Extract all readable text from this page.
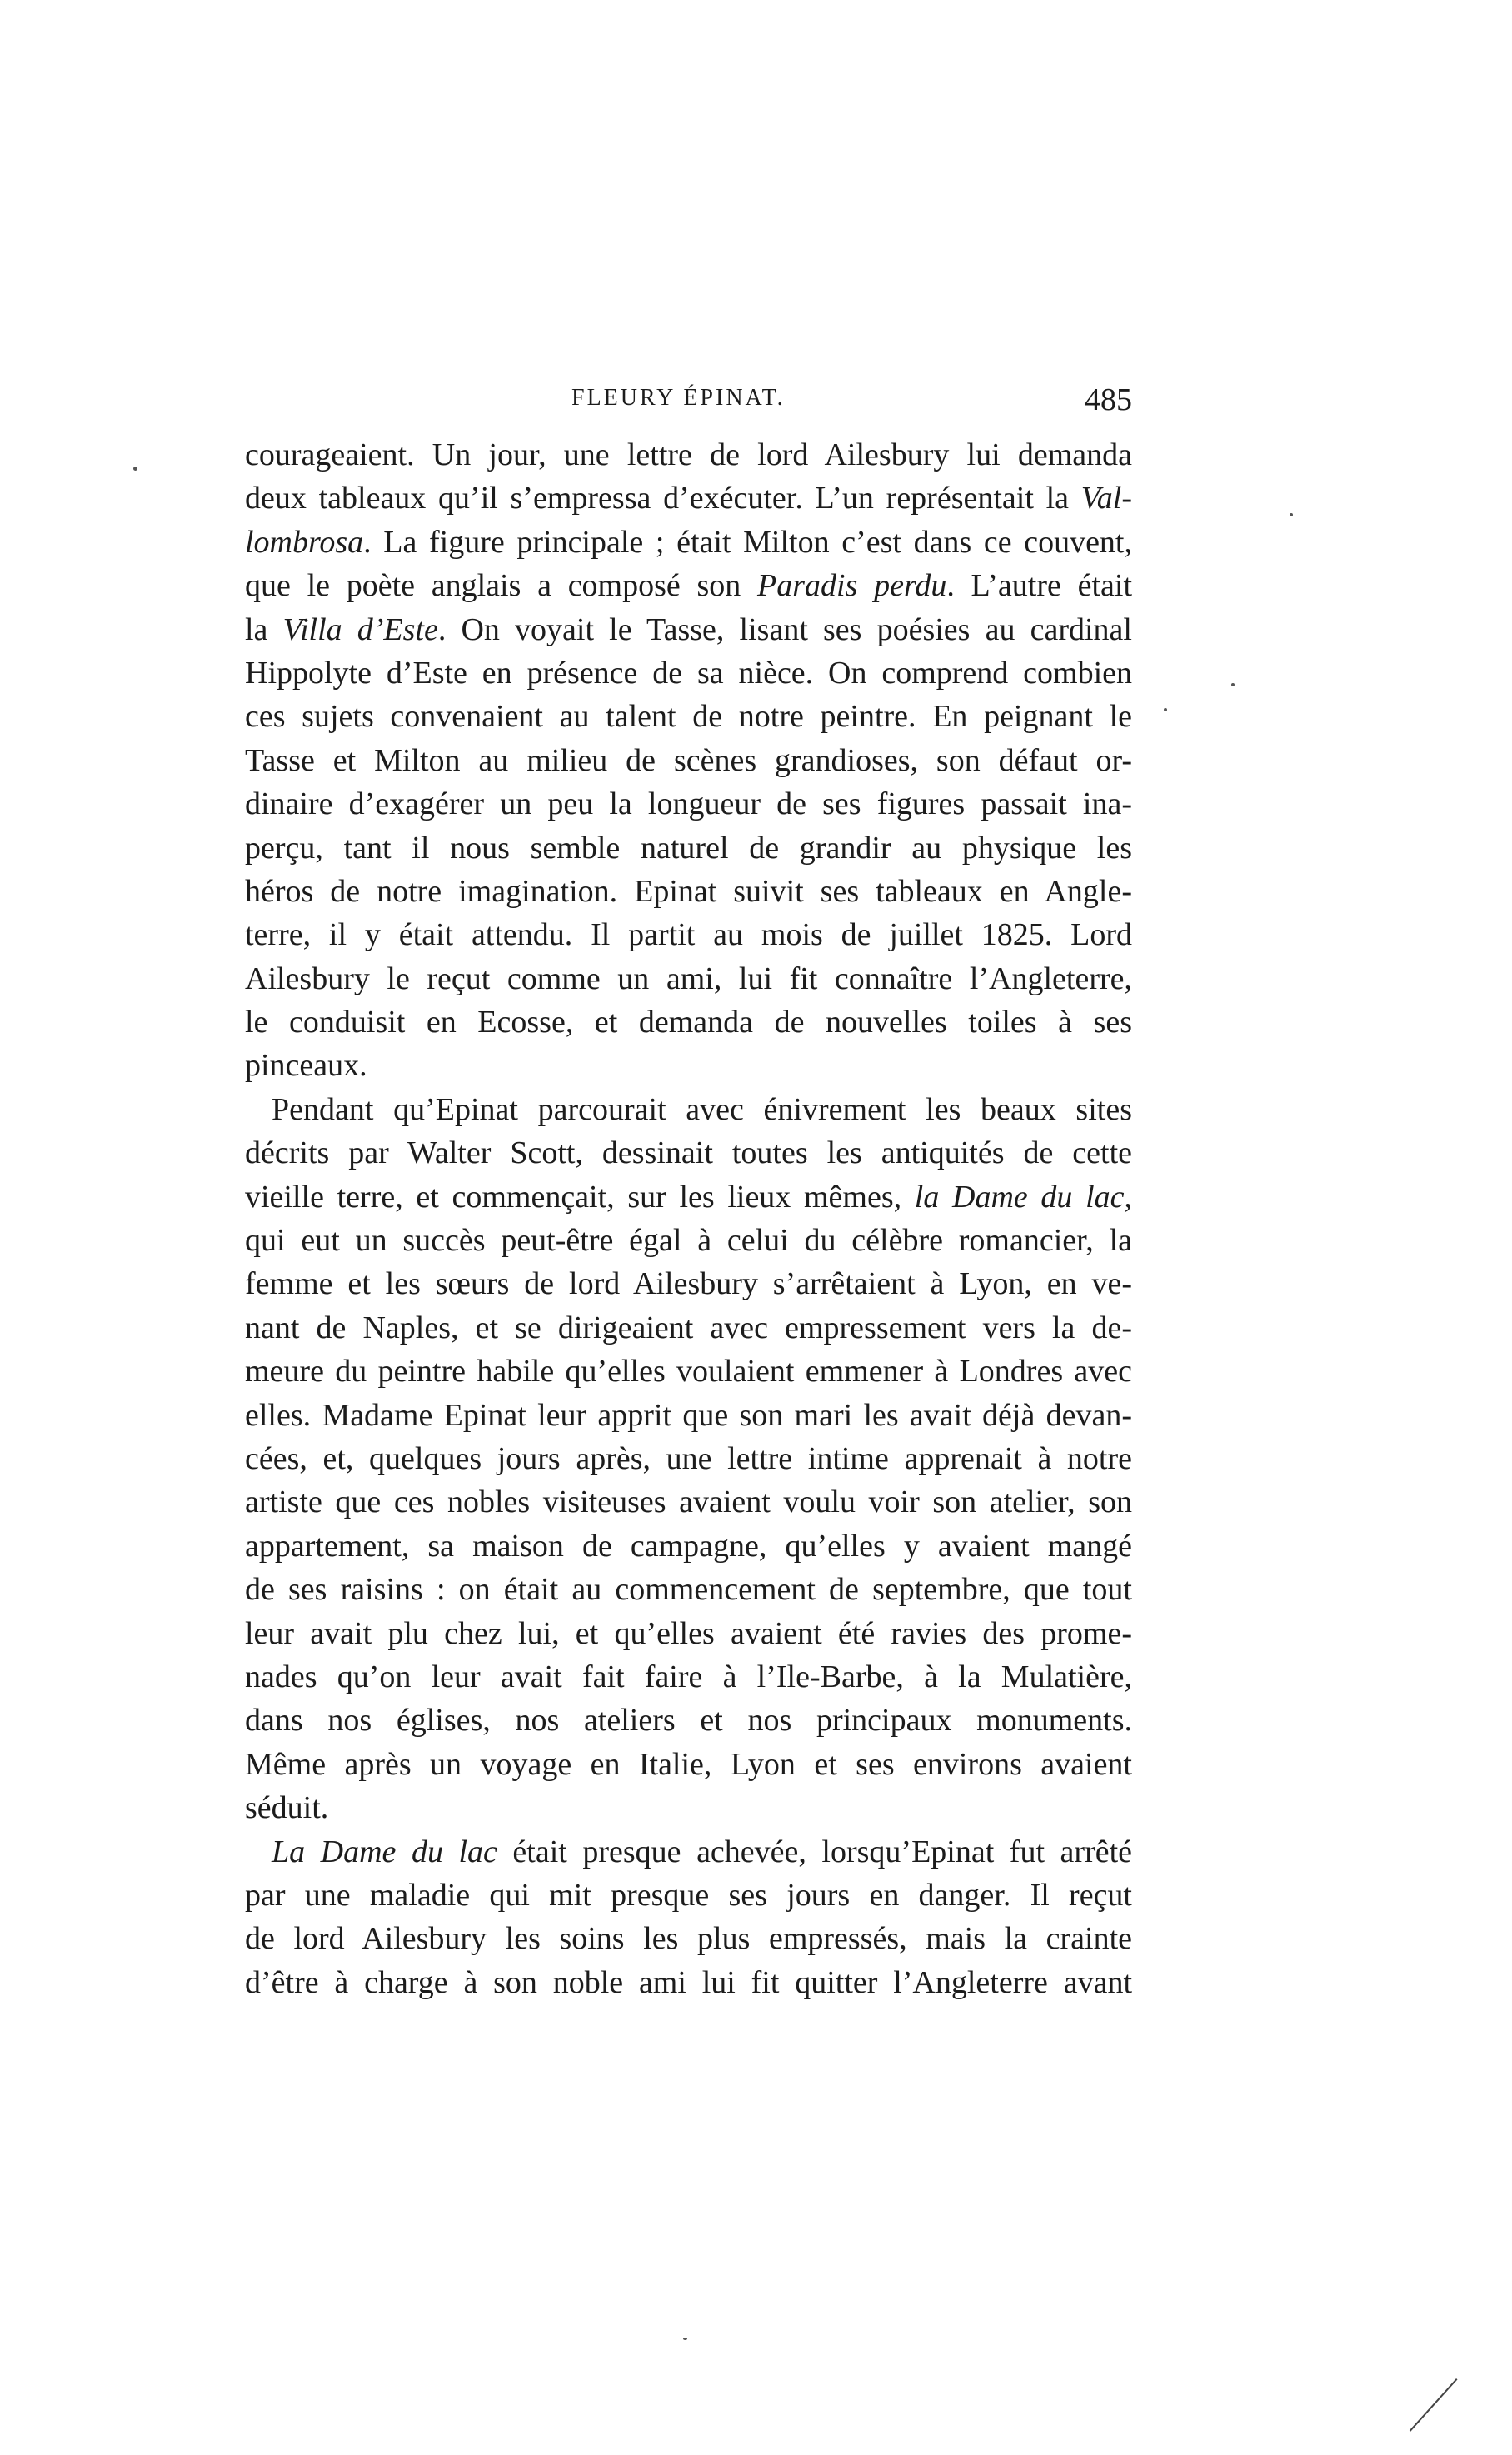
FLEURY ÉPINAT.	485
courageaient. Un jour, une lettre de lord Ailesbury lui demanda
deux tableaux qu’il s’empressa d’exécuter. L’un représentait la Val-
lombrosa. La figure principale ; était Milton c’est dans ce couvent,
que le poète anglais a composé son Paradis perdu. L’autre était
la Villa d’Este. On voyait le Tasse, lisant ses poésies au cardinal
Hippolyte d’Este en présence de sa nièce. On comprend combien
ces sujets convenaient au talent de notre peintre. En peignant le
Tasse et Milton au milieu de scènes grandioses, son défaut or-
dinaire d’exagérer un peu la longueur de ses figures passait ina-
perçu, tant il nous semble naturel de grandir au physique les
héros de notre imagination. Epinat suivit ses tableaux en Angle-
terre, il y était attendu. Il partit au mois de juillet 1825. Lord
Ailesbury le reçut comme un ami, lui fit connaître l’Angleterre,
le conduisit en Ecosse, et demanda de nouvelles toiles à ses
pinceaux.
Pendant qu’Epinat parcourait avec énivrement les beaux sites
décrits par Walter Scott, dessinait toutes les antiquités de cette
vieille terre, et commençait, sur les lieux mêmes, la Dame du lac,
qui eut un succès peut-être égal à celui du célèbre romancier, la
femme et les sœurs de lord Ailesbury s’arrêtaient à Lyon, en ve-
nant de Naples, et se dirigeaient avec empressement vers la de-
meure du peintre habile qu’elles voulaient emmener à Londres avec
elles. Madame Epinat leur apprit que son mari les avait déjà devan-
cées, et, quelques jours après, une lettre intime apprenait à notre
artiste que ces nobles visiteuses avaient voulu voir son atelier, son
appartement, sa maison de campagne, qu’elles y avaient mangé
de ses raisins : on était au commencement de septembre, que tout
leur avait plu chez lui, et qu’elles avaient été ravies des prome-
nades qu’on leur avait fait faire à l’Ile-Barbe, à la Mulatière,
dans nos églises, nos ateliers et nos principaux monuments.
Même après un voyage en Italie, Lyon et ses environs avaient
séduit.
La Dame du lac était presque achevée, lorsqu’Epinat fut arrêté
par une maladie qui mit presque ses jours en danger. Il reçut
de lord Ailesbury les soins les plus empressés, mais la crainte
d’être à charge à son noble ami lui fit quitter l’Angleterre avant
